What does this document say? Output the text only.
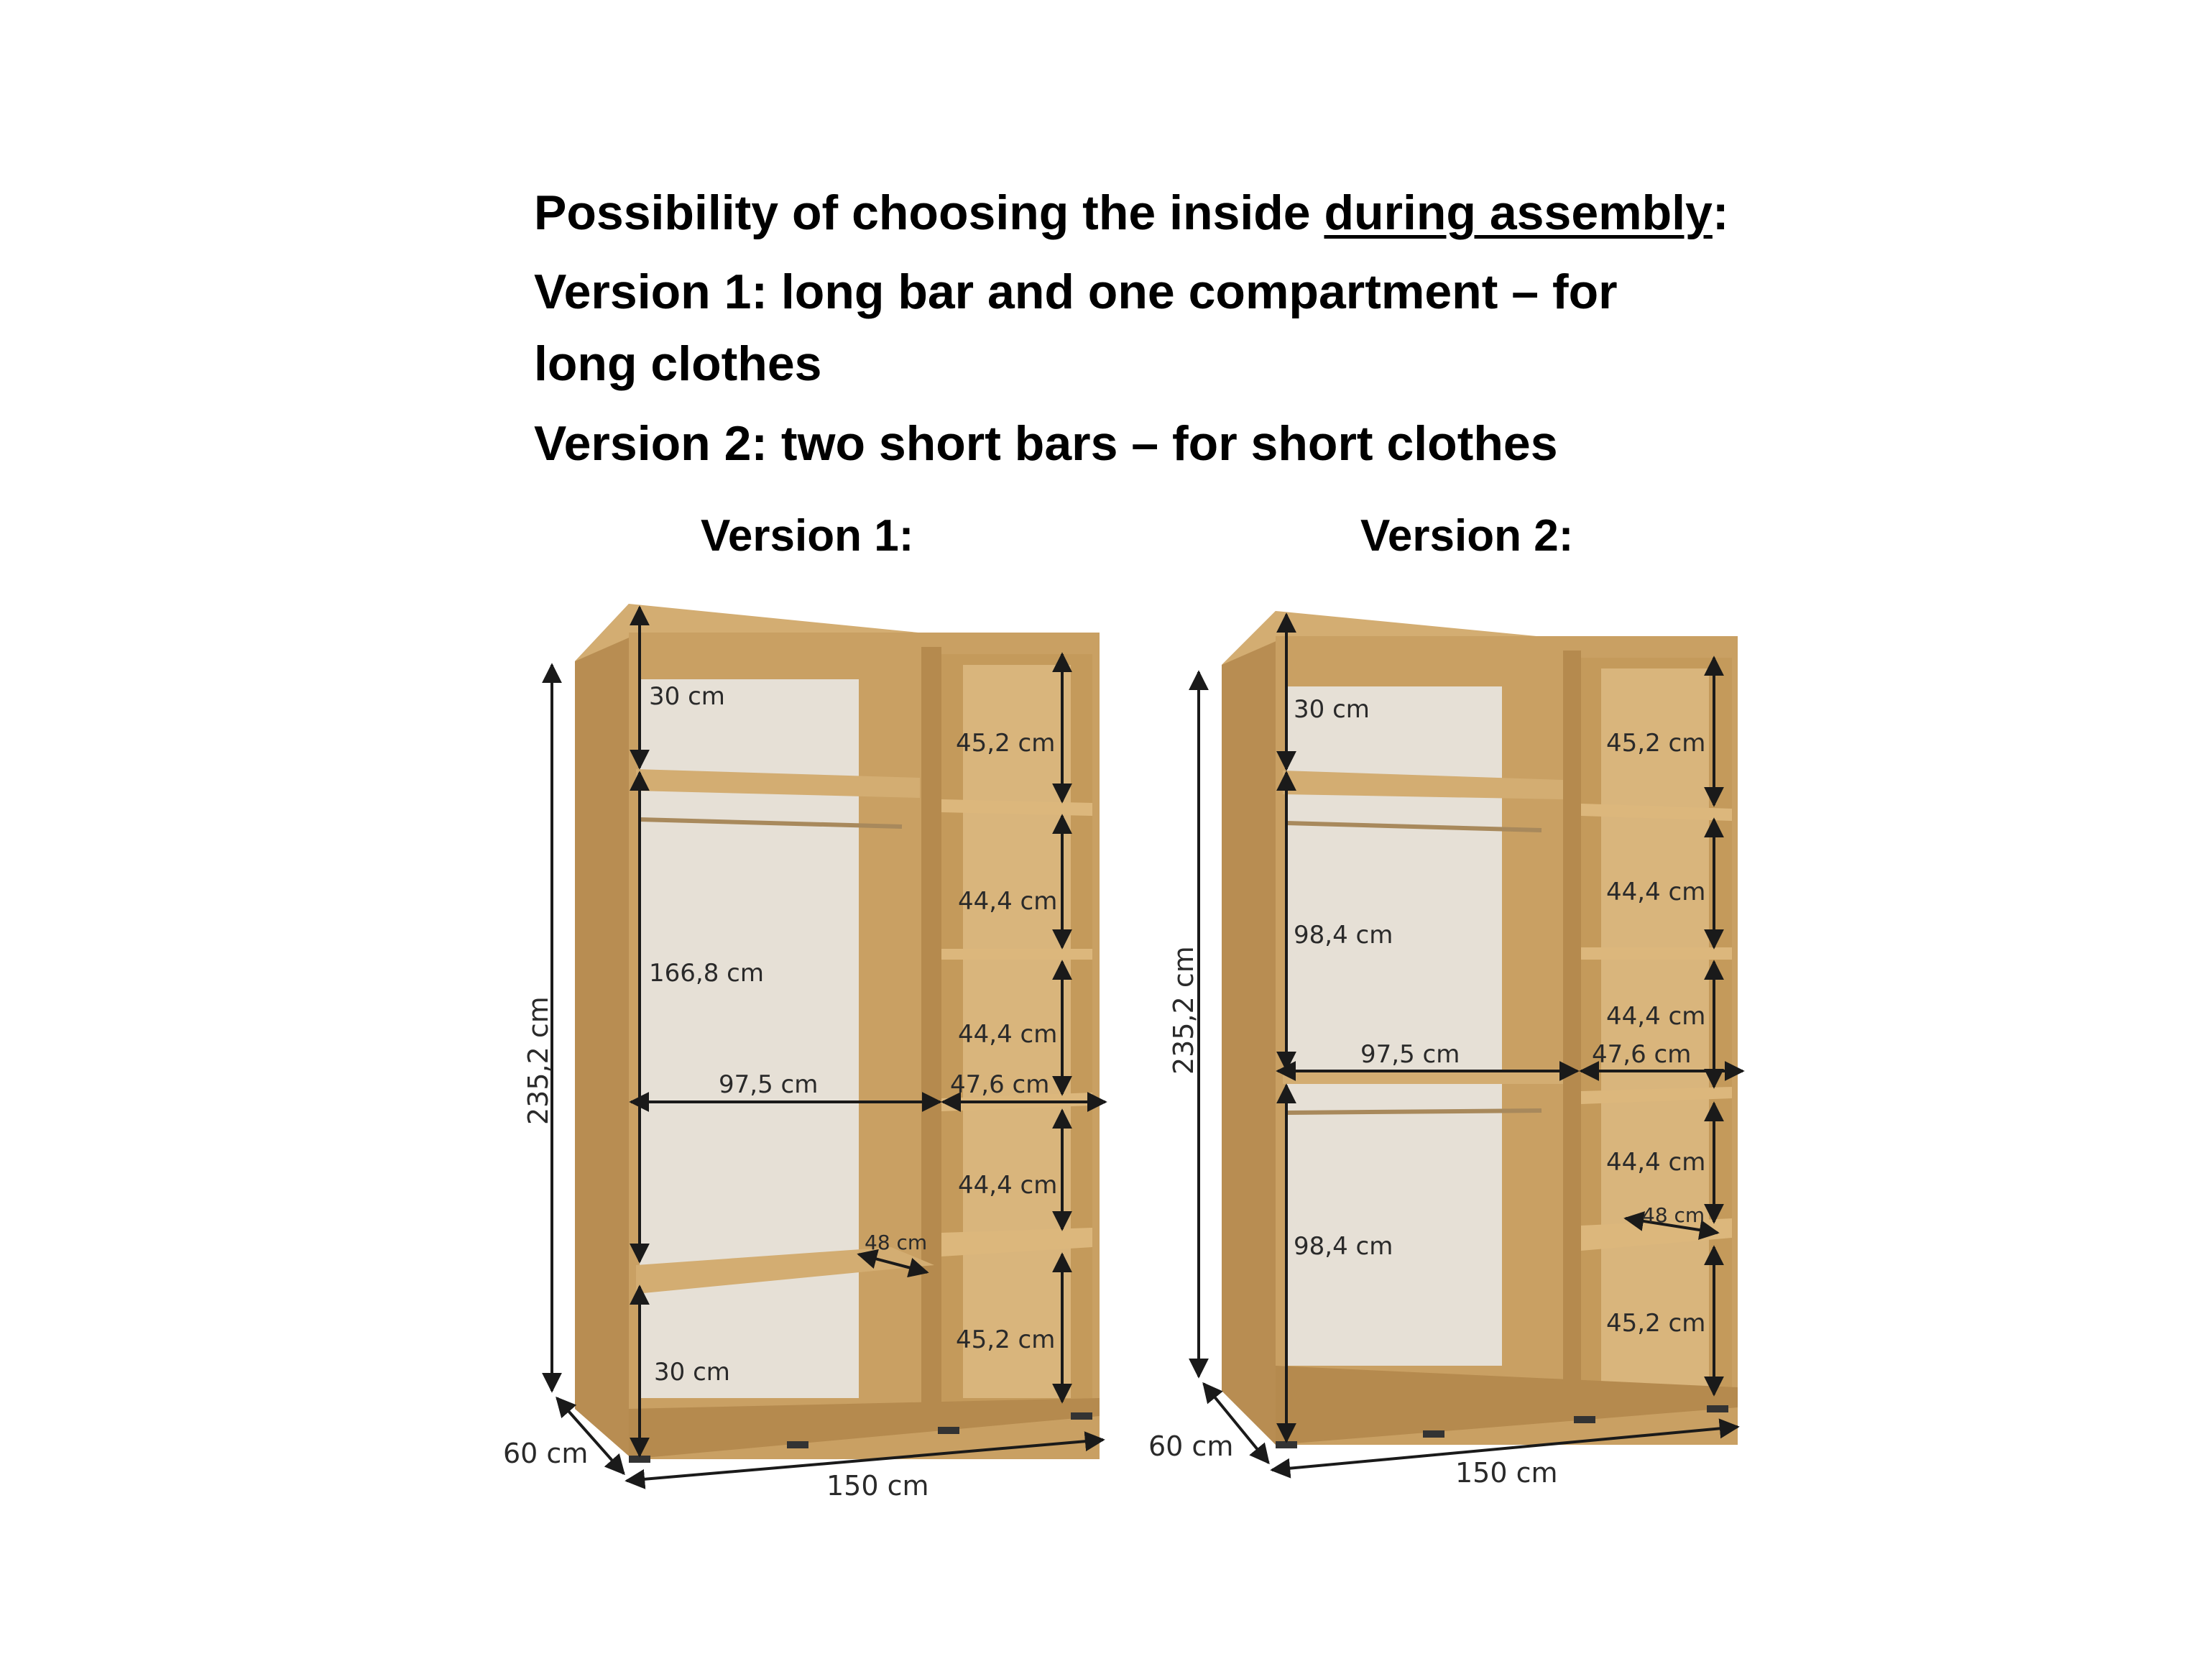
Possibility of choosing the inside during assembly:
Version 1: long bar and one compartment – for
long clothes
Version 2: two short bars – for short clothes
Version 1:	Version 2:
235,2 cm
60 cm
150 cm
30 cm
166,8 cm
30 cm
97,5 cm	47,6 cm
48 cm
45,2 cm
44,4 cm
44,4 cm
44,4 cm
45,2 cm
235,2 cm
60 cm
150 cm
30 cm
98,4 cm
98,4 cm
97,5 cm	47,6 cm
48 cm
45,2 cm
44,4 cm
44,4 cm
44,4 cm
45,2 cm
